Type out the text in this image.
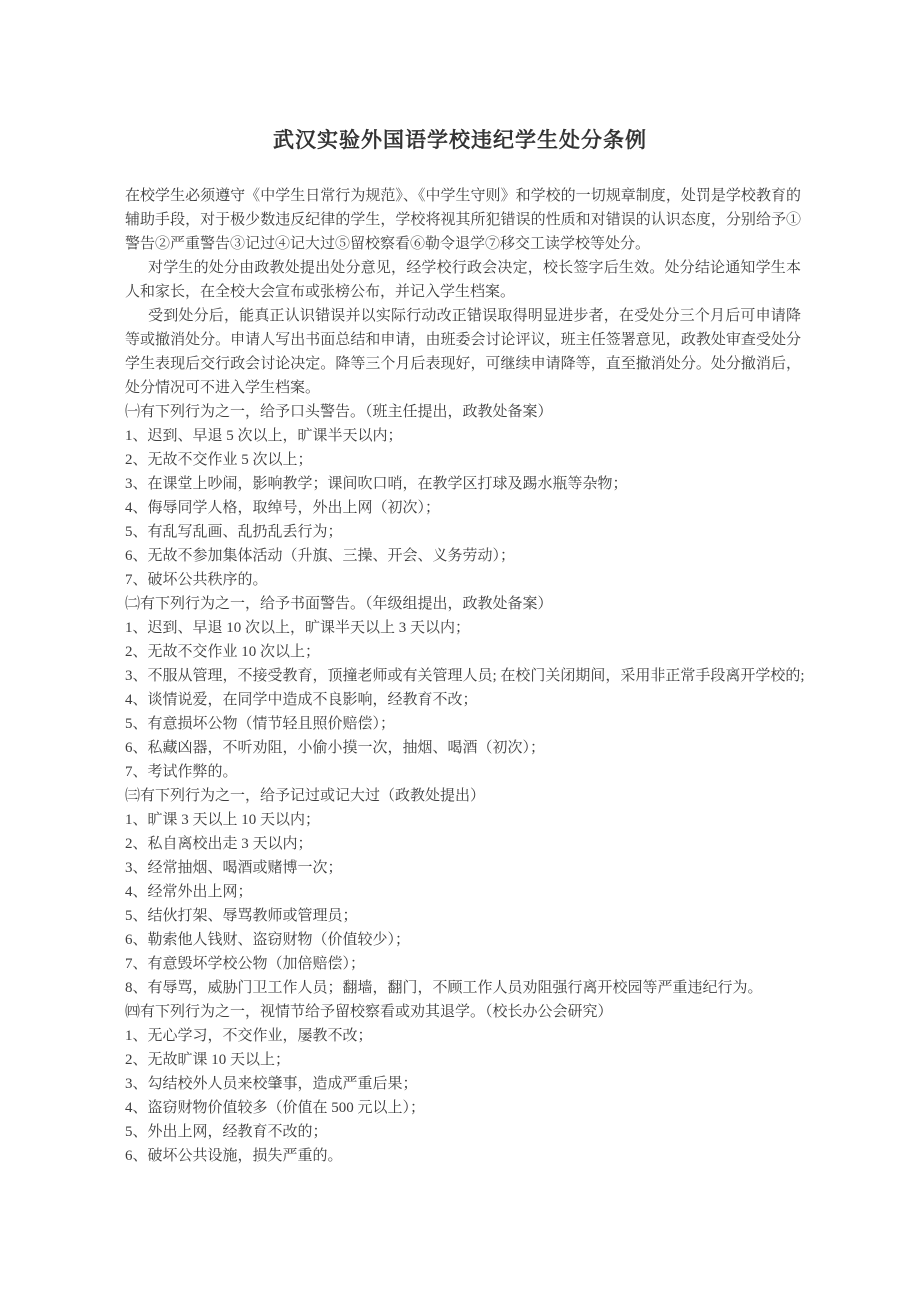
武汉实验外国语学校违纪学生处分条例

在校学生必须遵守《中学生日常行为规范》、《中学生守则》和学校的一切规章制度，处罚是学校教育的辅助手段，对于极少数违反纪律的学生，学校将视其所犯错误的性质和对错误的认识态度，分别给予①警告②严重警告③记过④记大过⑤留校察看⑥勒令退学⑦移交工读学校等处分。

对学生的处分由政教处提出处分意见，经学校行政会决定，校长签字后生效。处分结论通知学生本人和家长，在全校大会宣布或张榜公布，并记入学生档案。

受到处分后，能真正认识错误并以实际行动改正错误取得明显进步者，在受处分三个月后可申请降等或撤消处分。申请人写出书面总结和申请，由班委会讨论评议，班主任签署意见，政教处审查受处分学生表现后交行政会讨论决定。降等三个月后表现好，可继续申请降等，直至撤消处分。处分撤消后，处分情况可不进入学生档案。

㈠有下列行为之一，给予口头警告。（班主任提出，政教处备案）

1、迟到、早退 5 次以上，旷课半天以内；

2、无故不交作业 5 次以上；

3、在课堂上吵闹，影响教学；课间吹口哨，在教学区打球及踢水瓶等杂物；

4、侮辱同学人格，取绰号，外出上网（初次）；

5、有乱写乱画、乱扔乱丢行为；

6、无故不参加集体活动（升旗、三操、开会、义务劳动）；

7、破坏公共秩序的。

㈡有下列行为之一，给予书面警告。（年级组提出，政教处备案）

1、迟到、早退 10 次以上，旷课半天以上 3 天以内；

2、无故不交作业 10 次以上；

3、不服从管理，不接受教育，顶撞老师或有关管理人员; 在校门关闭期间，采用非正常手段离开学校的;

4、谈情说爱，在同学中造成不良影响，经教育不改；

5、有意损坏公物（情节轻且照价赔偿）；

6、私藏凶器，不听劝阻，小偷小摸一次，抽烟、喝酒（初次）；

7、考试作弊的。

㈢有下列行为之一，给予记过或记大过（政教处提出）

1、旷课 3 天以上 10 天以内；

2、私自离校出走 3 天以内；

3、经常抽烟、喝酒或赌博一次；

4、经常外出上网；

5、结伙打架、辱骂教师或管理员；

6、勒索他人钱财、盗窃财物（价值较少）；

7、有意毁坏学校公物（加倍赔偿）；

8、有辱骂，威胁门卫工作人员；翻墙，翻门，不顾工作人员劝阻强行离开校园等严重违纪行为。

㈣有下列行为之一，视情节给予留校察看或劝其退学。（校长办公会研究）

1、无心学习，不交作业，屡教不改；

2、无故旷课 10 天以上；

3、勾结校外人员来校肇事，造成严重后果；

4、盗窃财物价值较多（价值在 500 元以上）；

5、外出上网，经教育不改的；

6、破坏公共设施，损失严重的。
